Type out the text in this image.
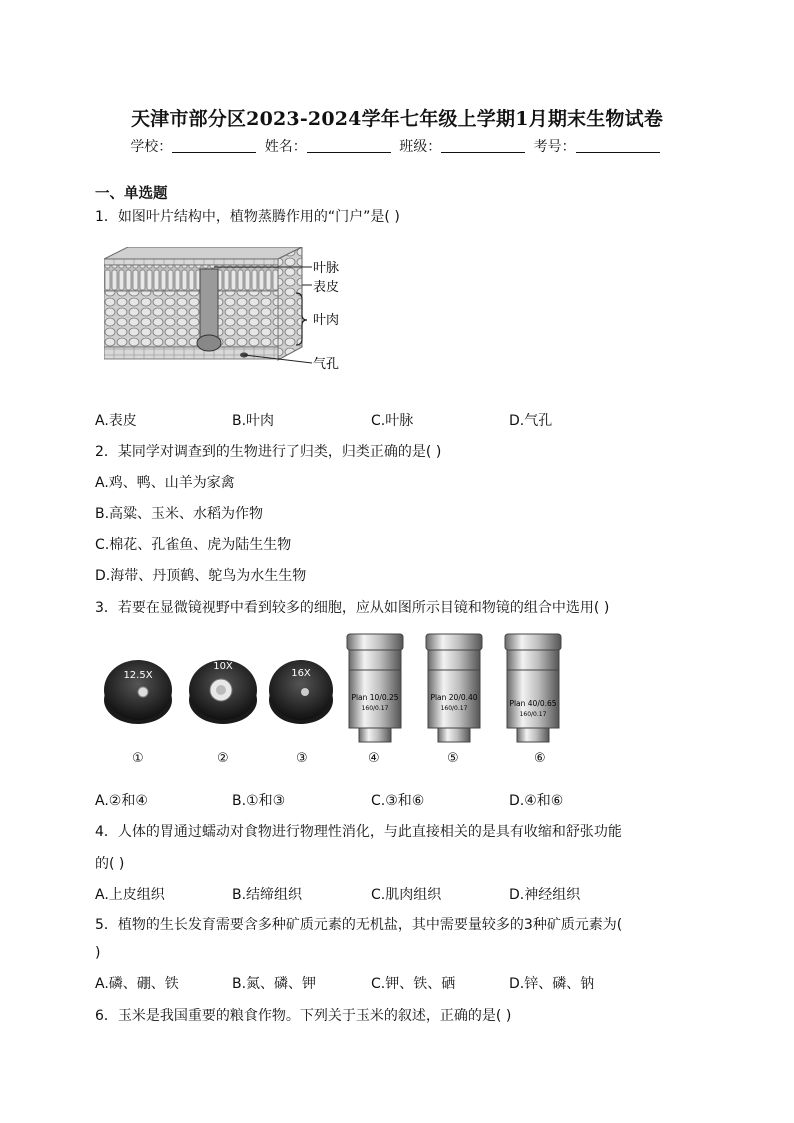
天津市部分区2023-2024学年七年级上学期1月期末生物试卷
学校：	姓名：	班级：	考号：
一、单选题
1．如图叶片结构中，植物蒸腾作用的“门户”是( )
叶脉
表皮
叶肉
气孔
A.表皮	B.叶肉	C.叶脉	D.气孔
2．某同学对调查到的生物进行了归类，归类正确的是( )
A.鸡、鸭、山羊为家禽
B.高粱、玉米、水稻为作物
C.棉花、孔雀鱼、虎为陆生生物
D.海带、丹顶鹤、鸵鸟为水生生物
3．若要在显微镜视野中看到较多的细胞，应从如图所示目镜和物镜的组合中选用( )
12.5X
10X
16X
Plan 10/0.25
160/0.17
Plan 20/0.40
160/0.17
Plan 40/0.65
160/0.17
①	②	③	④	⑤	⑥
A.②和④	B.①和③	C.③和⑥	D.④和⑥
4．人体的胃通过蠕动对食物进行物理性消化，与此直接相关的是具有收缩和舒张功能
的( )
A.上皮组织	B.结缔组织	C.肌肉组织	D.神经组织
5．植物的生长发育需要含多种矿质元素的无机盐，其中需要量较多的3种矿质元素为(
)
A.磷、硼、铁	B.氮、磷、钾	C.钾、铁、硒	D.锌、磷、钠
6．玉米是我国重要的粮食作物。下列关于玉米的叙述，正确的是( )
